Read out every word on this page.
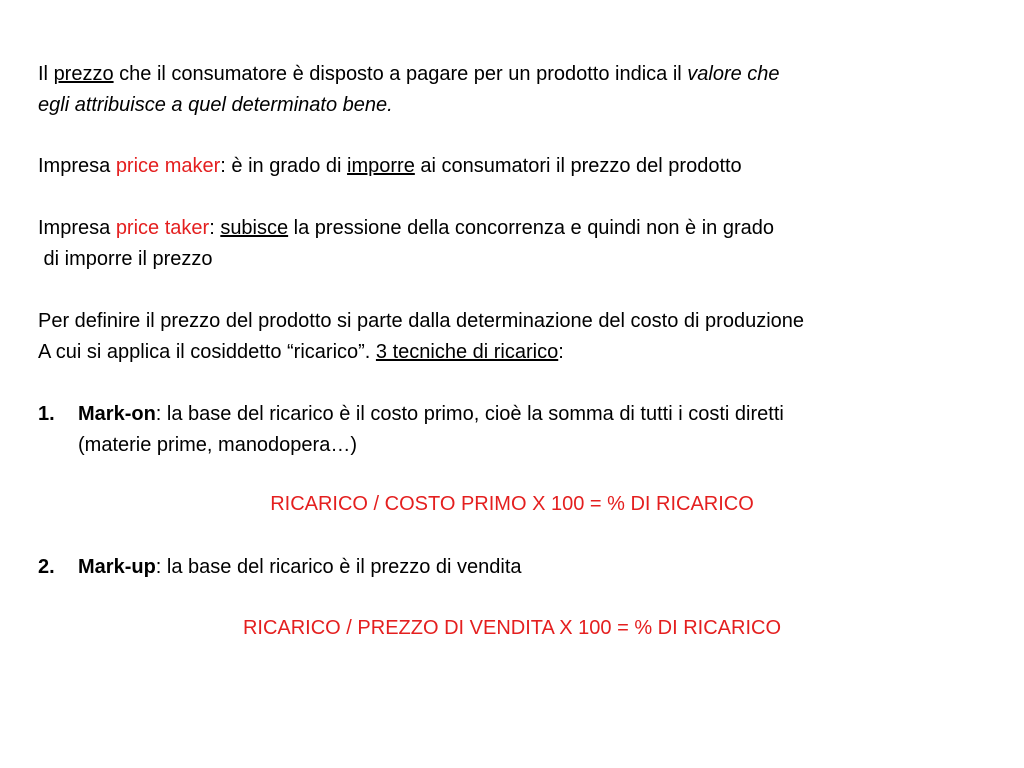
Il prezzo che il consumatore è disposto a pagare per un prodotto indica il valore che
egli attribuisce a quel determinato bene.
Impresa price maker: è in grado di imporre ai consumatori il prezzo del prodotto
Impresa price taker: subisce la pressione della concorrenza e quindi non è in grado
di imporre il prezzo
Per definire il prezzo del prodotto si parte dalla determinazione del costo di produzione
A cui si applica il cosiddetto “ricarico”. 3 tecniche di ricarico:
1. Mark-on: la base del ricarico è il costo primo, cioè la somma di tutti i costi diretti
(materie prime, manodopera…)
RICARICO / COSTO PRIMO X 100 = % DI RICARICO
2. Mark-up: la base del ricarico è il prezzo di vendita
RICARICO / PREZZO DI VENDITA X 100 = % DI RICARICO
